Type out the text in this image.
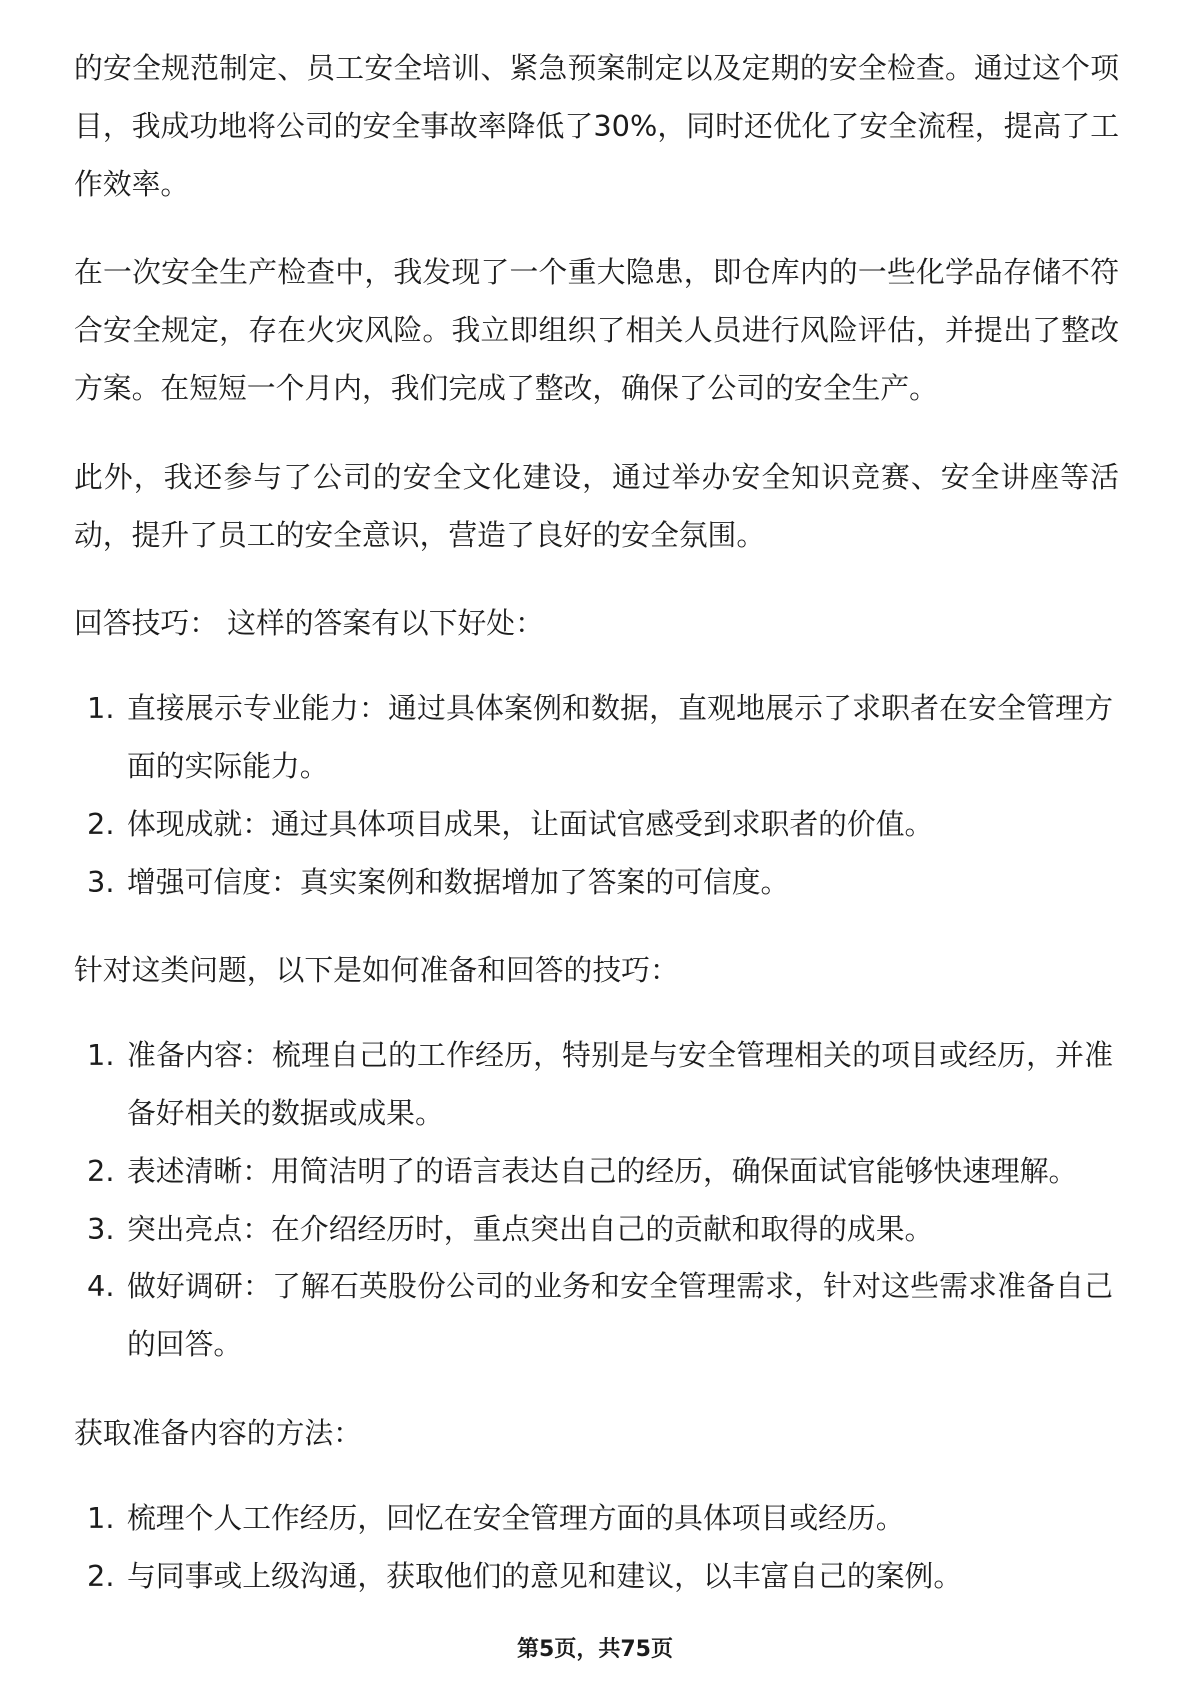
的安全规范制定、员工安全培训、紧急预案制定以及定期的安全检查。通过这个项
目，我成功地将公司的安全事故率降低了30%，同时还优化了安全流程，提高了工
作效率。
在一次安全生产检查中，我发现了一个重大隐患，即仓库内的一些化学品存储不符
合安全规定，存在火灾风险。我立即组织了相关人员进行风险评估，并提出了整改
方案。在短短一个月内，我们完成了整改，确保了公司的安全生产。
此外，我还参与了公司的安全文化建设，通过举办安全知识竞赛、安全讲座等活
动，提升了员工的安全意识，营造了良好的安全氛围。
回答技巧： 这样的答案有以下好处：
1. 直接展示专业能力：通过具体案例和数据，直观地展示了求职者在安全管理方
面的实际能力。
2. 体现成就：通过具体项目成果，让面试官感受到求职者的价值。
3. 增强可信度：真实案例和数据增加了答案的可信度。
针对这类问题，以下是如何准备和回答的技巧：
1. 准备内容：梳理自己的工作经历，特别是与安全管理相关的项目或经历，并准
备好相关的数据或成果。
2. 表述清晰：用简洁明了的语言表达自己的经历，确保面试官能够快速理解。
3. 突出亮点：在介绍经历时，重点突出自己的贡献和取得的成果。
4. 做好调研：了解石英股份公司的业务和安全管理需求，针对这些需求准备自己
的回答。
获取准备内容的方法：
1. 梳理个人工作经历，回忆在安全管理方面的具体项目或经历。
2. 与同事或上级沟通，获取他们的意见和建议，以丰富自己的案例。
第5页，共75页
